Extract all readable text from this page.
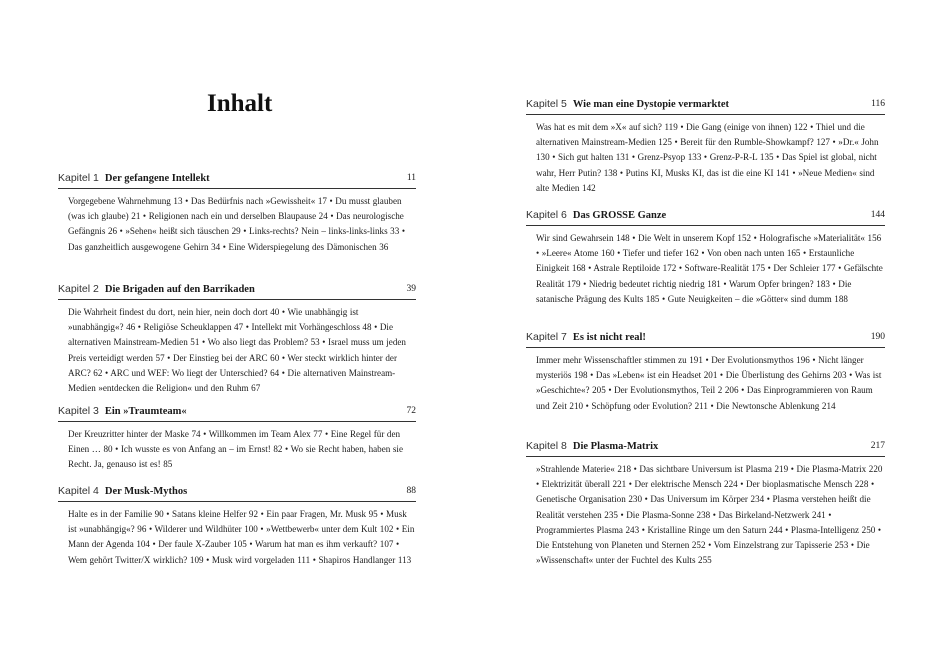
Inhalt
Kapitel 1 Der gefangene Intellekt	11

Vorgegebene Wahrnehmung 13 • Das Bedürfnis nach »Gewissheit« 17 • Du musst glauben (was ich glaube) 21 • Religionen nach ein und derselben Blaupause 24 • Das neurologische Gefängnis 26 • »Sehen« heißt sich täuschen 29 • Links-rechts? Nein – links-links-links 33 • Das ganzheitlich ausgewogene Gehirn 34 • Eine Widerspiegelung des Dämonischen 36

Kapitel 2 Die Brigaden auf den Barrikaden	39

Die Wahrheit findest du dort, nein hier, nein doch dort 40 • Wie unabhängig ist »unabhängig«? 46 • Religiöse Scheuklappen 47 • Intellekt mit Vorhängeschloss 48 • Die alternativen Mainstream-Medien 51 • Wo also liegt das Problem? 53 • Israel muss um jeden Preis verteidigt werden 57 • Der Einstieg bei der ARC 60 • Wer steckt wirklich hinter der ARC? 62 • ARC und WEF: Wo liegt der Unterschied? 64 • Die alternativen Mainstream-Medien »entdecken die Religion« und den Ruhm 67

Kapitel 3 Ein »Traumteam«	72

Der Kreuzritter hinter der Maske 74 • Willkommen im Team Alex 77 • Eine Regel für den Einen … 80 • Ich wusste es von Anfang an – im Ernst! 82 • Wo sie Recht haben, haben sie Recht. Ja, genauso ist es! 85

Kapitel 4 Der Musk-Mythos	88

Halte es in der Familie 90 • Satans kleine Helfer 92 • Ein paar Fragen, Mr. Musk 95 • Musk ist »unabhängig«? 96 • Wilderer und Wildhüter 100 • »Wettbewerb« unter dem Kult 102 • Ein Mann der Agenda 104 • Der faule X-Zauber 105 • Warum hat man es ihm verkauft? 107 • Wem gehört Twitter/X wirklich? 109 • Musk wird vorgeladen 111 • Shapiros Handlanger 113

Kapitel 5 Wie man eine Dystopie vermarktet	116

Was hat es mit dem »X« auf sich? 119 • Die Gang (einige von ihnen) 122 • Thiel und die alternativen Mainstream-Medien 125 • Bereit für den Rumble-Showkampf? 127 • »Dr.« John 130 • Sich gut halten 131 • Grenz-Psyop 133 • Grenz-P-R-L 135 • Das Spiel ist global, nicht wahr, Herr Putin? 138 • Putins KI, Musks KI, das ist die eine KI 141 • »Neue Medien« sind alte Medien 142

Kapitel 6 Das GROSSE Ganze	144

Wir sind Gewahrsein 148 • Die Welt in unserem Kopf 152 • Holografische »Materialität« 156 • »Leere« Atome 160 • Tiefer und tiefer 162 • Von oben nach unten 165 • Erstaunliche Einigkeit 168 • Astrale Reptiloide 172 • Software-Realität 175 • Der Schleier 177 • Gefälschte Realität 179 • Niedrig bedeutet richtig niedrig 181 • Warum Opfer bringen? 183 • Die satanische Prägung des Kults 185 • Gute Neuigkeiten – die »Götter« sind dumm 188

Kapitel 7 Es ist nicht real!	190

Immer mehr Wissenschaftler stimmen zu 191 • Der Evolutionsmythos 196 • Nicht länger mysteriös 198 • Das »Leben« ist ein Headset 201 • Die Überlistung des Gehirns 203 • Was ist »Geschichte«? 205 • Der Evolutionsmythos, Teil 2 206 • Das Einprogrammieren von Raum und Zeit 210 • Schöpfung oder Evolution? 211 • Die Newtonsche Ablenkung 214

Kapitel 8 Die Plasma-Matrix	217

»Strahlende Materie« 218 • Das sichtbare Universum ist Plasma 219 • Die Plasma-Matrix 220 • Elektrizität überall 221 • Der elektrische Mensch 224 • Der bioplasmatische Mensch 228 • Genetische Organisation 230 • Das Universum im Körper 234 • Plasma verstehen heißt die Realität verstehen 235 • Die Plasma-Sonne 238 • Das Birkeland-Netzwerk 241 • Programmiertes Plasma 243 • Kristalline Ringe um den Saturn 244 • Plasma-Intelligenz 250 • Die Entstehung von Planeten und Sternen 252 • Vom Einzelstrang zur Tapisserie 253 • Die »Wissenschaft« unter der Fuchtel des Kults 255
